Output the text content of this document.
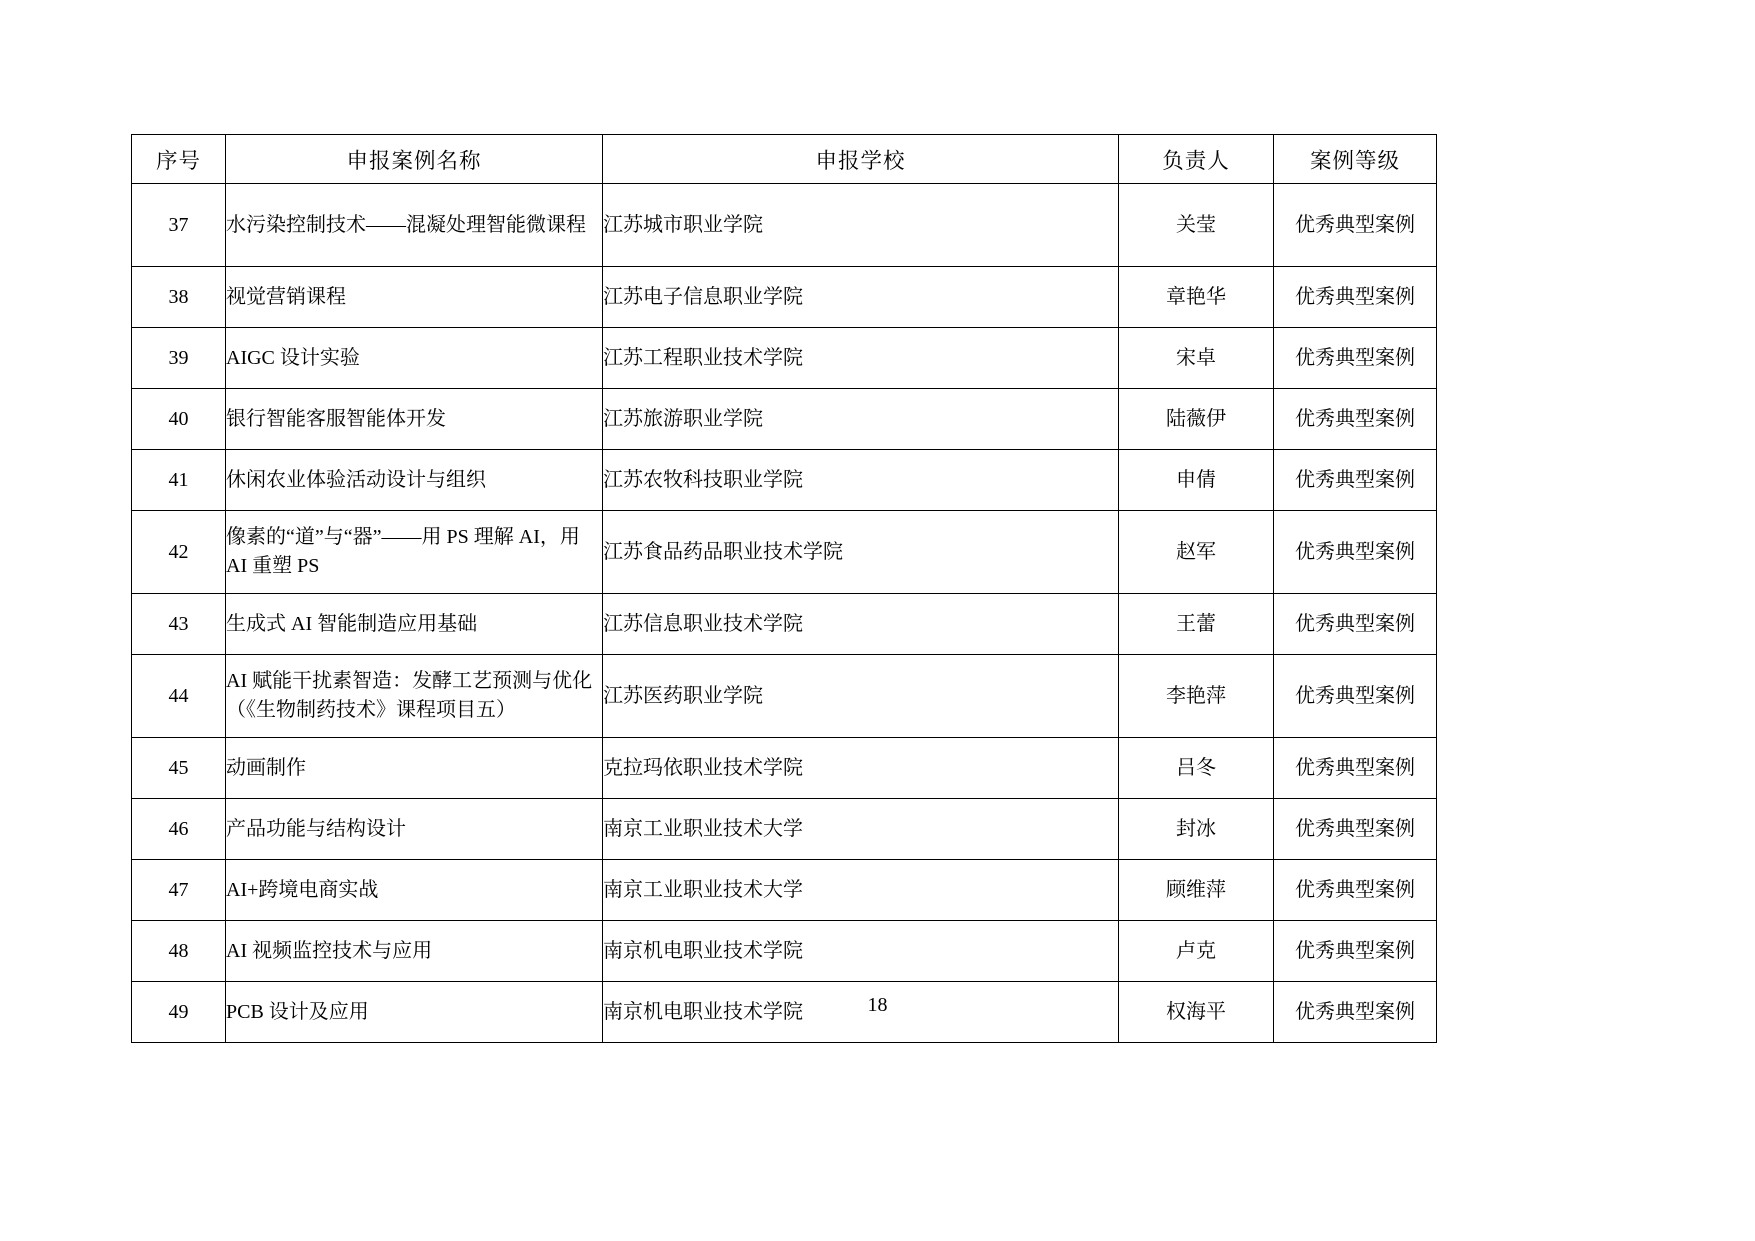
序号	申报案例名称	申报学校	负责人	案例等级
37	水污染控制技术——混凝处理智能微课程	江苏城市职业学院	关莹	优秀典型案例
38	视觉营销课程	江苏电子信息职业学院	章艳华	优秀典型案例
39	AIGC 设计实验	江苏工程职业技术学院	宋卓	优秀典型案例
40	银行智能客服智能体开发	江苏旅游职业学院	陆薇伊	优秀典型案例
41	休闲农业体验活动设计与组织	江苏农牧科技职业学院	申倩	优秀典型案例
42	像素的“道”与“器”——用 PS 理解 AI，用 AI 重塑 PS	江苏食品药品职业技术学院	赵军	优秀典型案例
43	生成式 AI 智能制造应用基础	江苏信息职业技术学院	王蕾	优秀典型案例
44	AI 赋能干扰素智造：发酵工艺预测与优化（《生物制药技术》课程项目五）	江苏医药职业学院	李艳萍	优秀典型案例
45	动画制作	克拉玛依职业技术学院	吕冬	优秀典型案例
46	产品功能与结构设计	南京工业职业技术大学	封冰	优秀典型案例
47	AI+跨境电商实战	南京工业职业技术大学	顾维萍	优秀典型案例
48	AI 视频监控技术与应用	南京机电职业技术学院	卢克	优秀典型案例
49	PCB 设计及应用	南京机电职业技术学院	权海平	优秀典型案例
18
